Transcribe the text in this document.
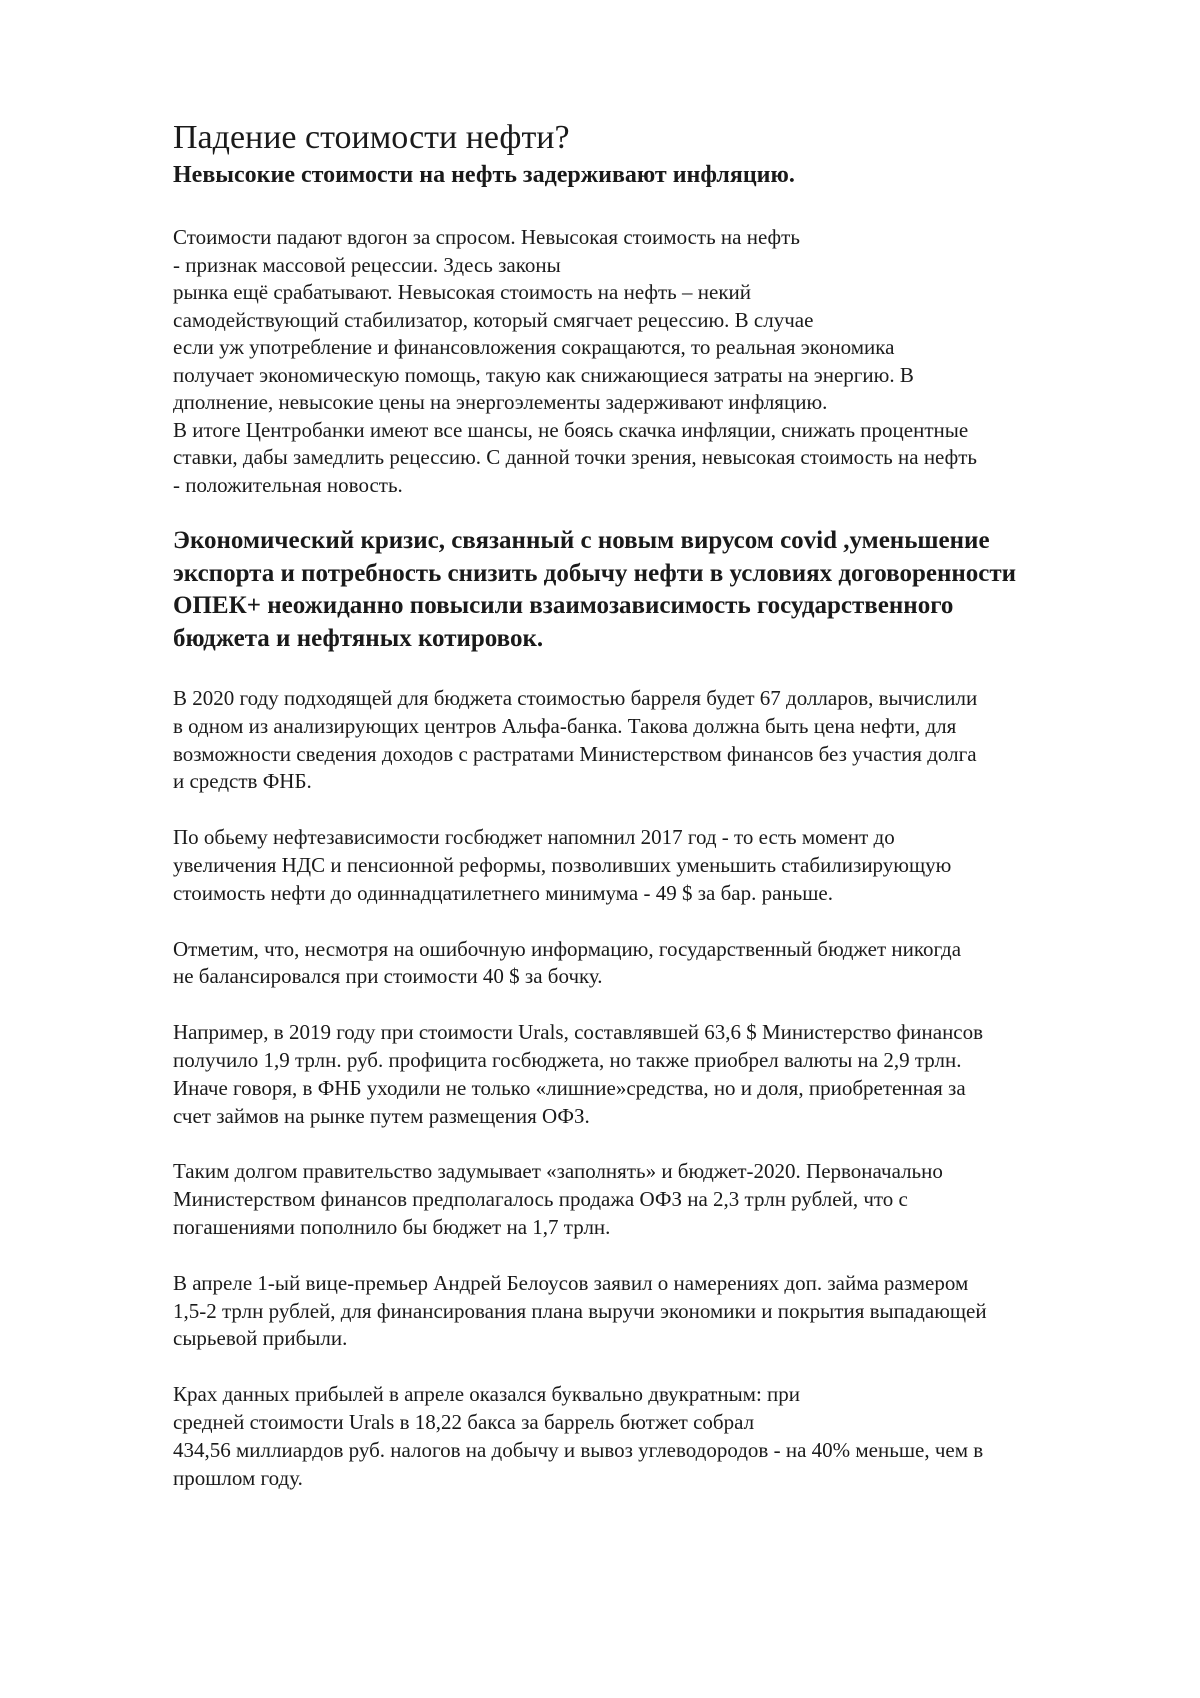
Падение стоимости нефти?
Невысокие стоимости на нефть задерживают инфляцию.
Стоимости падают вдогон за спросом. Невысокая стоимость на нефть
- признак массовой рецессии. Здесь законы
рынка ещё срабатывают. Невысокая стоимость на нефть – некий
самодействующий стабилизатор, который смягчает рецессию. В случае
если уж употребление и финансовложения сокращаются, то реальная экономика
получает экономическую помощь, такую как снижающиеся затраты на энергию. В
дполнение, невысокие цены на энергоэлементы задерживают инфляцию.
В итоге Центробанки имеют все шансы, не боясь скачка инфляции, снижать процентные
ставки, дабы замедлить рецессию. С данной точки зрения, невысокая стоимость на нефть
- положительная новость.
Экономический кризис, связанный с новым вирусом covid ,уменьшение
экспорта и потребность снизить добычу нефти в условиях договоренности
ОПЕК+ неожиданно повысили взаимозависимость государственного
бюджета и нефтяных котировок.
В 2020 году подходящей для бюджета стоимостью барреля будет 67 долларов, вычислили
в одном из анализирующих центров Альфа-банка. Такова должна быть цена нефти, для
возможности сведения доходов с растратами Министерством финансов без участия долга
и средств ФНБ.
По обьему нефтезависимости госбюджет напомнил 2017 год - то есть момент до
увеличения НДС и пенсионной реформы, позволивших уменьшить стабилизирующую
стоимость нефти до одиннадцатилетнего минимума - 49 $ за бар. раньше.
Отметим, что, несмотря на ошибочную информацию, государственный бюджет никогда
не балансировался при стоимости 40 $ за бочку.
Например, в 2019 году при стоимости Urals, составлявшей 63,6 $ Министерство финансов
получило 1,9 трлн. руб. профицита госбюджета, но также приобрел валюты на 2,9 трлн.
Иначе говоря, в ФНБ уходили не только «лишние»средства, но и доля, приобретенная за
счет займов на рынке путем размещения ОФЗ.
Таким долгом правительство задумывает «заполнять» и бюджет-2020. Первоначально
Министерством финансов предполагалось продажа ОФЗ на 2,3 трлн рублей, что с
погашениями пополнило бы бюджет на 1,7 трлн.
В апреле 1-ый вице-премьер Андрей Белоусов заявил о намерениях доп. займа размером
1,5-2 трлн рублей, для финансирования плана выручи экономики и покрытия выпадающей
сырьевой прибыли.
Крах данных прибылей в апреле оказался буквально двукратным: при
средней стоимости Urals в 18,22 бакса за баррель бютжет собрал
434,56 миллиардов руб. налогов на добычу и вывоз углеводородов - на 40% меньше, чем в
прошлом году.
